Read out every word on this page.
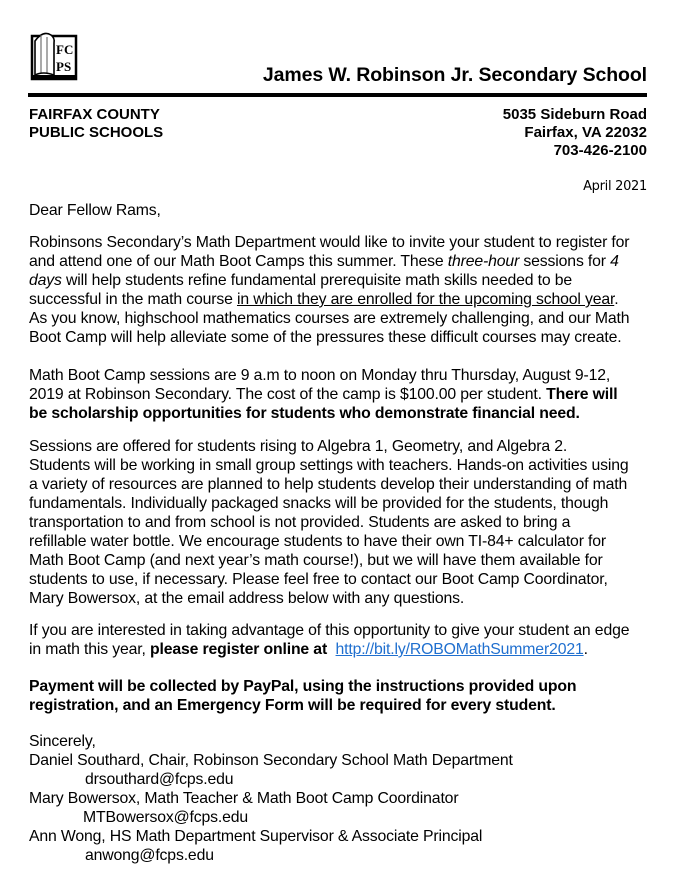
FC
PS	James W. Robinson Jr. Secondary School
FAIRFAX COUNTY
PUBLIC SCHOOLS
5035 Sideburn Road
Fairfax, VA 22032
703-426-2100
April 2021
Dear Fellow Rams,
Robinsons Secondary’s Math Department would like to invite your student to register for
and attend one of our Math Boot Camps this summer. These three-hour sessions for 4
days will help students refine fundamental prerequisite math skills needed to be
successful in the math course in which they are enrolled for the upcoming school year.
As you know, highschool mathematics courses are extremely challenging, and our Math
Boot Camp will help alleviate some of the pressures these difficult courses may create.
Math Boot Camp sessions are 9 a.m to noon on Monday thru Thursday, August 9-12,
2019 at Robinson Secondary. The cost of the camp is $100.00 per student. There will
be scholarship opportunities for students who demonstrate financial need.
Sessions are offered for students rising to Algebra 1, Geometry, and Algebra 2.
Students will be working in small group settings with teachers. Hands-on activities using
a variety of resources are planned to help students develop their understanding of math
fundamentals. Individually packaged snacks will be provided for the students, though
transportation to and from school is not provided. Students are asked to bring a
refillable water bottle. We encourage students to have their own TI-84+ calculator for
Math Boot Camp (and next year’s math course!), but we will have them available for
students to use, if necessary. Please feel free to contact our Boot Camp Coordinator,
Mary Bowersox, at the email address below with any questions.
If you are interested in taking advantage of this opportunity to give your student an edge
in math this year, please register online at http://bit.ly/ROBOMathSummer2021.
Payment will be collected by PayPal, using the instructions provided upon
registration, and an Emergency Form will be required for every student.
Sincerely,
Daniel Southard, Chair, Robinson Secondary School Math Department
drsouthard@fcps.edu
Mary Bowersox, Math Teacher & Math Boot Camp Coordinator
MTBowersox@fcps.edu
Ann Wong, HS Math Department Supervisor & Associate Principal
anwong@fcps.edu
